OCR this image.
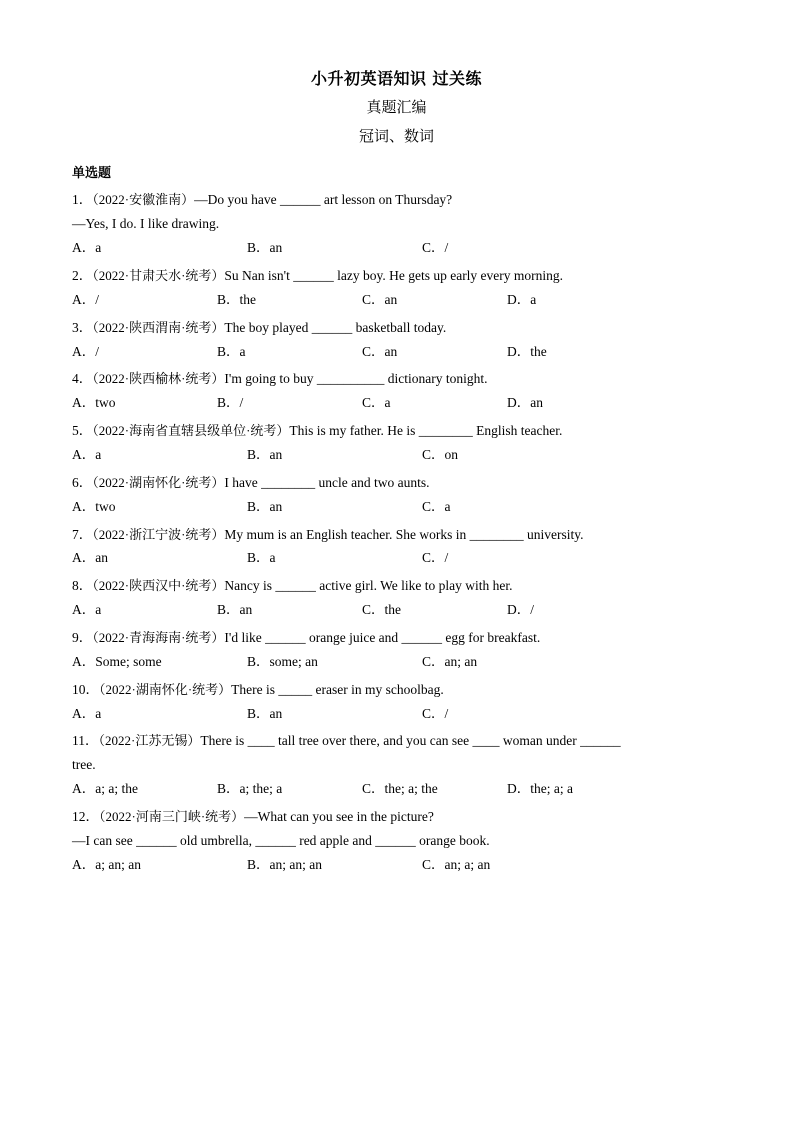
小升初英语知识 过关练
真题汇编
冠词、数词
单选题
1．（2022·安徽淮南）—Do you have ______ art lesson on Thursday?
—Yes, I do. I like drawing.
A．a	B．an	C．/
2．（2022·甘肃天水·统考）Su Nan isn't ______ lazy boy. He gets up early every morning.
A．/	B．the	C．an	D．a
3．（2022·陕西渭南·统考）The boy played ______ basketball today.
A．/	B．a	C．an	D．the
4．（2022·陕西榆林·统考）I'm going to buy __________ dictionary tonight.
A．two	B．/	C．a	D．an
5．（2022·海南省直辖县级单位·统考）This is my father. He is ________ English teacher.
A．a	B．an	C．on
6．（2022·湖南怀化·统考）I have ________ uncle and two aunts.
A．two	B．an	C．a
7．（2022·浙江宁波·统考）My mum is an English teacher. She works in ________ university.
A．an	B．a	C．/
8．（2022·陕西汉中·统考）Nancy is ______ active girl. We like to play with her.
A．a	B．an	C．the	D．/
9．（2022·青海海南·统考）I'd like ______ orange juice and ______ egg for breakfast.
A．Some; some	B．some; an	C．an; an
10．（2022·湖南怀化·统考）There is _____ eraser in my schoolbag.
A．a	B．an	C．/
11．（2022·江苏无锡）There is ____ tall tree over there, and you can see ____ woman under ______
tree.
A．a; a; the	B．a; the; a	C．the; a; the	D．the; a; a
12．（2022·河南三门峡·统考）—What can you see in the picture?
—I can see ______ old umbrella, ______ red apple and ______ orange book.
A．a; an; an	B．an; an; an	C．an; a; an
